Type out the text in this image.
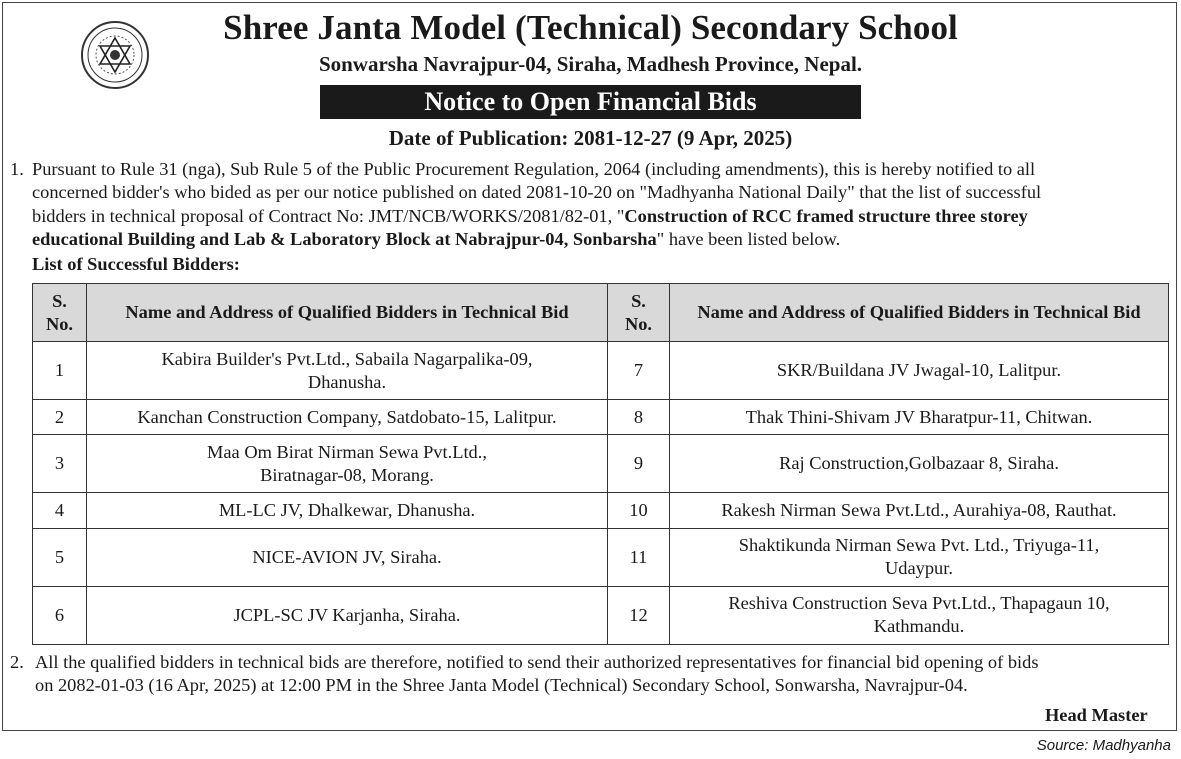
Shree Janta Model (Technical) Secondary School
Sonwarsha Navrajpur-04, Siraha, Madhesh Province, Nepal.
Notice to Open Financial Bids
Date of Publication: 2081-12-27 (9 Apr, 2025)
1. Pursuant to Rule 31 (nga), Sub Rule 5 of the Public Procurement Regulation, 2064 (including amendments), this is hereby notified to all
concerned bidder's who bided as per our notice published on dated 2081-10-20 on "Madhyanha National Daily" that the list of successful
bidders in technical proposal of Contract No: JMT/NCB/WORKS/2081/82-01, "Construction of RCC framed structure three storey
educational Building and Lab & Laboratory Block at Nabrajpur-04, Sonbarsha" have been listed below.
List of Successful Bidders:
S.
No.	Name and Address of Qualified Bidders in Technical Bid	S.
No.	Name and Address of Qualified Bidders in Technical Bid
1	Kabira Builder's Pvt.Ltd., Sabaila Nagarpalika-09,
Dhanusha.	7	SKR/Buildana JV Jwagal-10, Lalitpur.

2	Kanchan Construction Company, Satdobato-15, Lalitpur.	8	Thak Thini-Shivam JV Bharatpur-11, Chitwan.

3	Maa Om Birat Nirman Sewa Pvt.Ltd.,
Biratnagar-08, Morang.	9	Raj Construction,Golbazaar 8, Siraha.

4	ML-LC JV, Dhalkewar, Dhanusha.	10	Rakesh Nirman Sewa Pvt.Ltd., Aurahiya-08, Rauthat.

5	NICE-AVION JV, Siraha.	11	Shaktikunda Nirman Sewa Pvt. Ltd., Triyuga-11,
Udaypur.

6	JCPL-SC JV Karjanha, Siraha.	12	Reshiva Construction Seva Pvt.Ltd., Thapagaun 10,
Kathmandu.
2. All the qualified bidders in technical bids are therefore, notified to send their authorized representatives for financial bid opening of bids
on 2082-01-03 (16 Apr, 2025) at 12:00 PM in the Shree Janta Model (Technical) Secondary School, Sonwarsha, Navrajpur-04.
Head Master
Source: Madhyanha
